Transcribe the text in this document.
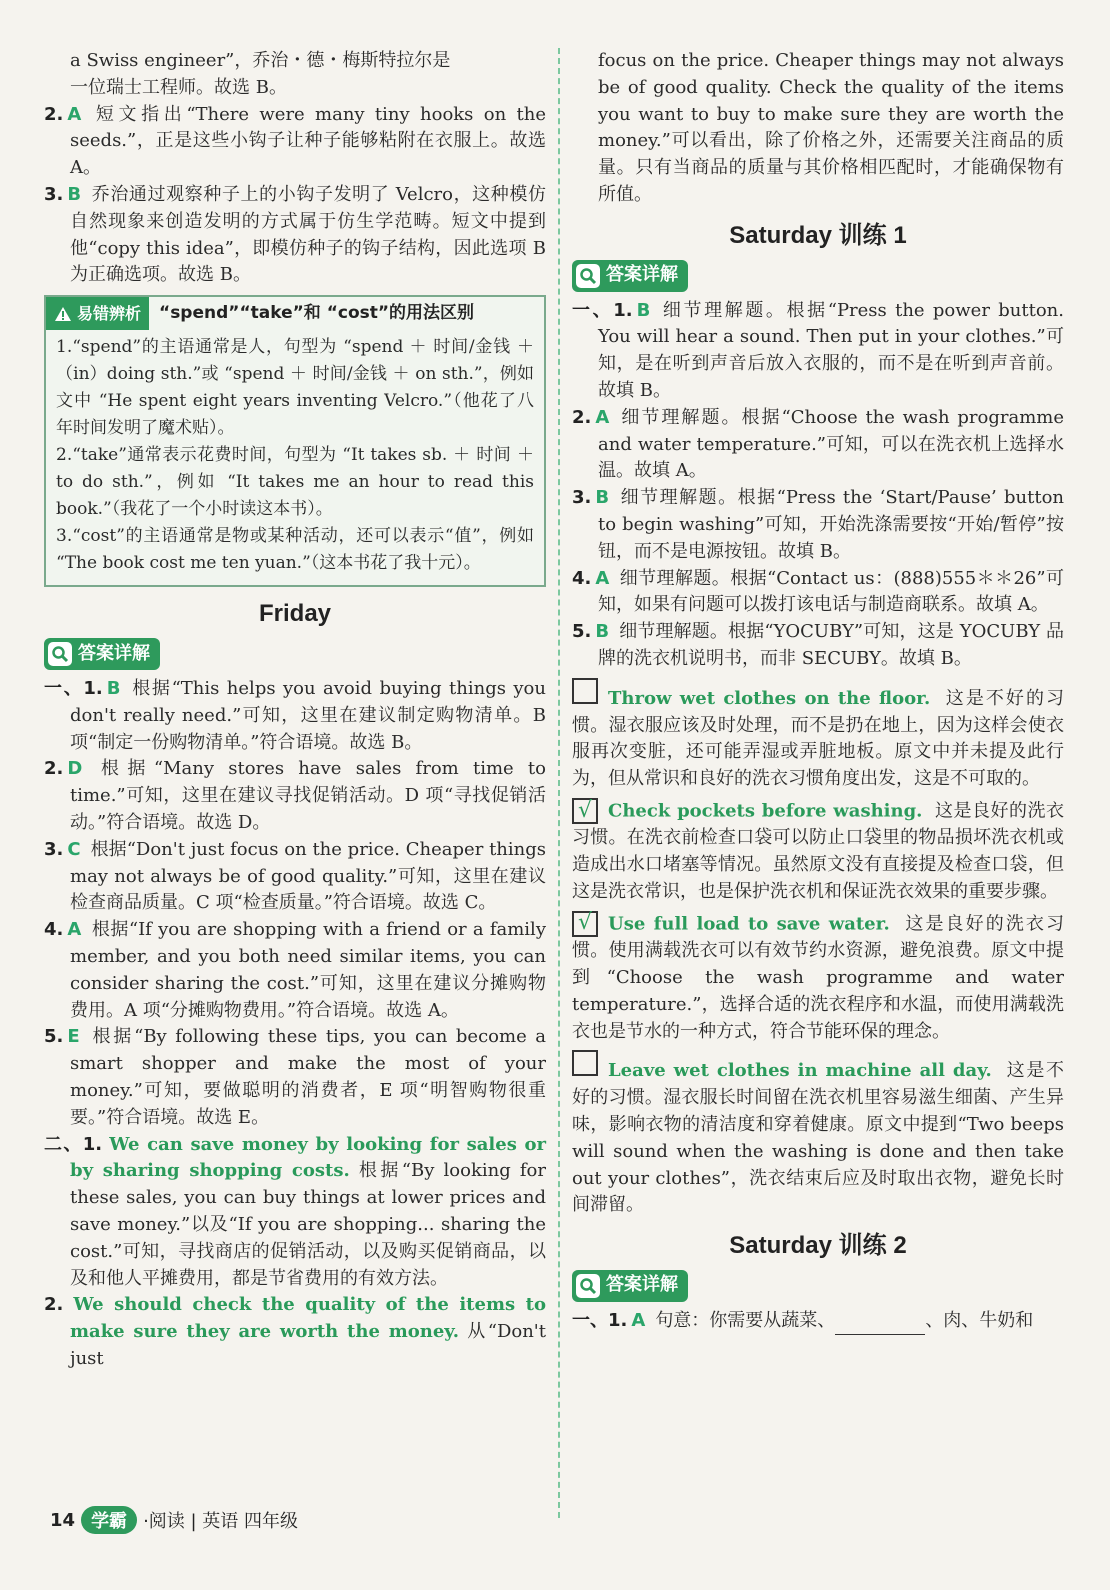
a Swiss engineer”，乔治・德・梅斯特拉尔是

一位瑞士工程师。故选 B。

2. A 短文指出“There were many tiny hooks on the seeds.”，正是这些小钩子让种子能够粘附在衣服上。故选 A。

3. B 乔治通过观察种子上的小钩子发明了 Velcro，这种模仿自然现象来创造发明的方式属于仿生学范畴。短文中提到他“copy this idea”，即模仿种子的钩子结构，因此选项 B 为正确选项。故选 B。

易错辨析 “spend”“take”和 “cost”的用法区别

1.“spend”的主语通常是人，句型为 “spend ＋ 时间/金钱 ＋（in）doing sth.”或 “spend ＋ 时间/金钱 ＋ on sth.”，例如文中 “He spent eight years inventing Velcro.”（他花了八年时间发明了魔术贴）。

2.“take”通常表示花费时间，句型为 “It takes sb. ＋ 时间 ＋ to do sth.”，例如 “It takes me an hour to read this book.”（我花了一个小时读这本书）。

3.“cost”的主语通常是物或某种活动，还可以表示“值”，例如 “The book cost me ten yuan.”（这本书花了我十元）。

Friday
答案详解

一、1. B 根据“This helps you avoid buying things you don't really need.”可知，这里在建议制定购物清单。B 项“制定一份购物清单。”符合语境。故选 B。

2. D 根据“Many stores have sales from time to time.”可知，这里在建议寻找促销活动。D 项“寻找促销活动。”符合语境。故选 D。

3. C 根据“Don't just focus on the price. Cheaper things may not always be of good quality.”可知，这里在建议检查商品质量。C 项“检查质量。”符合语境。故选 C。

4. A 根据“If you are shopping with a friend or a family member, and you both need similar items, you can consider sharing the cost.”可知，这里在建议分摊购物费用。A 项“分摊购物费用。”符合语境。故选 A。

5. E 根据“By following these tips, you can become a smart shopper and make the most of your money.”可知，要做聪明的消费者，E 项“明智购物很重要。”符合语境。故选 E。

二、1. We can save money by looking for sales or by sharing shopping costs. 根据“By looking for these sales, you can buy things at lower prices and save money.”以及“If you are shopping... sharing the cost.”可知，寻找商店的促销活动，以及购买促销商品，以及和他人平摊费用，都是节省费用的有效方法。

2. We should check the quality of the items to make sure they are worth the money. 从“Don't just

focus on the price. Cheaper things may not always be of good quality. Check the quality of the items you want to buy to make sure they are worth the money.”可以看出，除了价格之外，还需要关注商品的质量。只有当商品的质量与其价格相匹配时，才能确保物有所值。

Saturday 训练 1
答案详解

一、1. B 细节理解题。根据“Press the power button. You will hear a sound. Then put in your clothes.”可知，是在听到声音后放入衣服的，而不是在听到声音前。故填 B。

2. A 细节理解题。根据“Choose the wash programme and water temperature.”可知，可以在洗衣机上选择水温。故填 A。

3. B 细节理解题。根据“Press the ‘Start/Pause’ button to begin washing”可知，开始洗涤需要按“开始/暂停”按钮，而不是电源按钮。故填 B。

4. A 细节理解题。根据“Contact us：(888)555＊＊26”可知，如果有问题可以拨打该电话与制造商联系。故填 A。

5. B 细节理解题。根据“YOCUBY”可知，这是 YOCUBY 品牌的洗衣机说明书，而非 SECUBY。故填 B。

Throw wet clothes on the floor. 这是不好的习惯。湿衣服应该及时处理，而不是扔在地上，因为这样会使衣服再次变脏，还可能弄湿或弄脏地板。原文中并未提及此行为，但从常识和良好的洗衣习惯角度出发，这是不可取的。

√ Check pockets before washing. 这是良好的洗衣习惯。在洗衣前检查口袋可以防止口袋里的物品损坏洗衣机或造成出水口堵塞等情况。虽然原文没有直接提及检查口袋，但这是洗衣常识，也是保护洗衣机和保证洗衣效果的重要步骤。

√ Use full load to save water. 这是良好的洗衣习惯。使用满载洗衣可以有效节约水资源，避免浪费。原文中提到“Choose the wash programme and water temperature.”，选择合适的洗衣程序和水温，而使用满载洗衣也是节水的一种方式，符合节能环保的理念。

Leave wet clothes in machine all day. 这是不好的习惯。湿衣服长时间留在洗衣机里容易滋生细菌、产生异味，影响衣物的清洁度和穿着健康。原文中提到“Two beeps will sound when the washing is done and then take out your clothes”，洗衣结束后应及时取出衣物，避免长时间滞留。

Saturday 训练 2
答案详解

一、1. A 句意：你需要从蔬菜、	、肉、牛奶和

14 学霸 ·阅读 | 英语 四年级
